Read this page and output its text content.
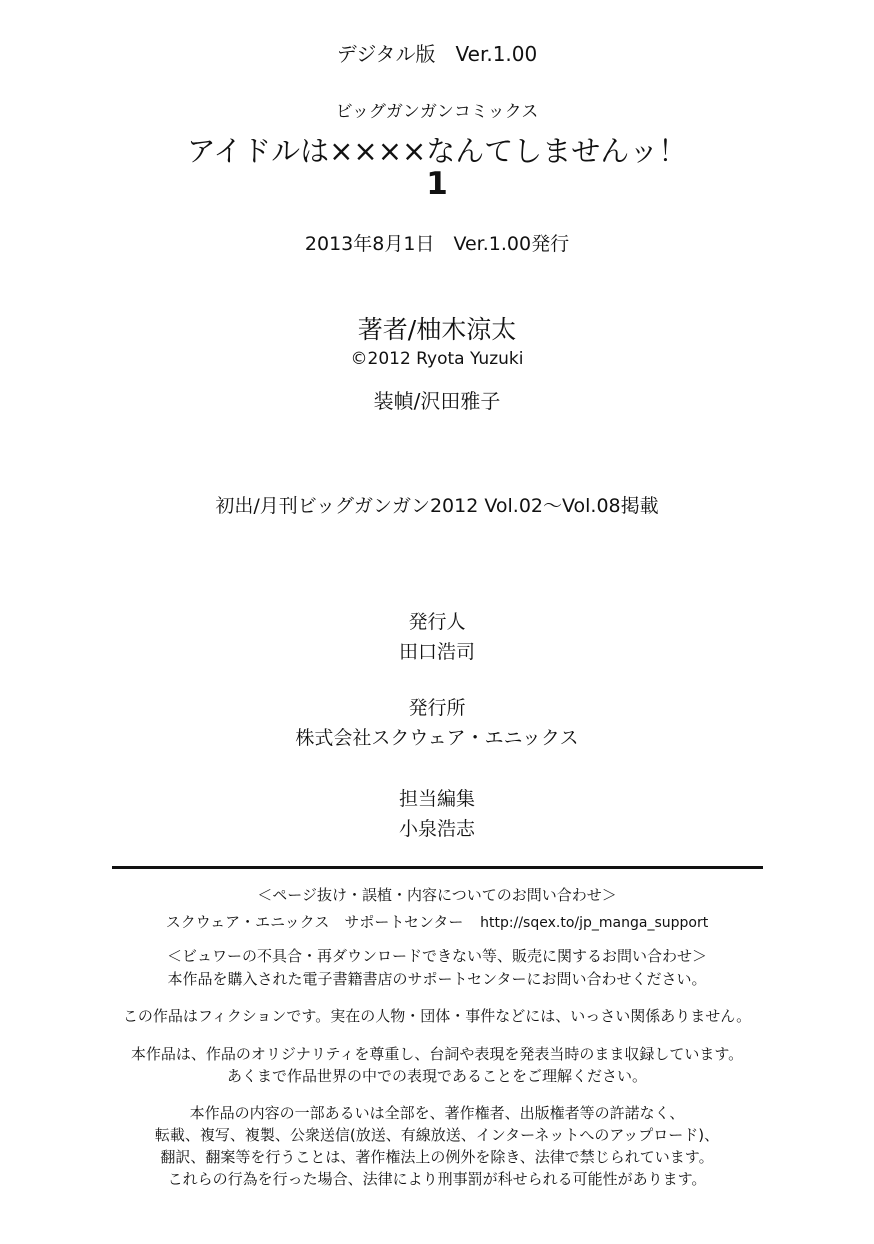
デジタル版　Ver.1.00
ビッグガンガンコミックス
アイドルは××××なんてしませんッ！
1
2013年8月1日　Ver.1.00発行
著者/柚木涼太
©2012 Ryota Yuzuki
装幀/沢田雅子
初出/月刊ビッグガンガン2012 Vol.02～Vol.08掲載
発行人
田口浩司
発行所
株式会社スクウェア・エニックス
担当編集
小泉浩志
＜ページ抜け・誤植・内容についてのお問い合わせ＞
スクウェア・エニックス　サポートセンター http://sqex.to/jp_manga_support
＜ビュワーの不具合・再ダウンロードできない等、販売に関するお問い合わせ＞
本作品を購入された電子書籍書店のサポートセンターにお問い合わせください。
この作品はフィクションです。実在の人物・団体・事件などには、いっさい関係ありません。
本作品は、作品のオリジナリティを尊重し、台詞や表現を発表当時のまま収録しています。
あくまで作品世界の中での表現であることをご理解ください。
本作品の内容の一部あるいは全部を、著作権者、出版権者等の許諾なく、
転載、複写、複製、公衆送信(放送、有線放送、インターネットへのアップロード)、
翻訳、翻案等を行うことは、著作権法上の例外を除き、法律で禁じられています。
これらの行為を行った場合、法律により刑事罰が科せられる可能性があります。
